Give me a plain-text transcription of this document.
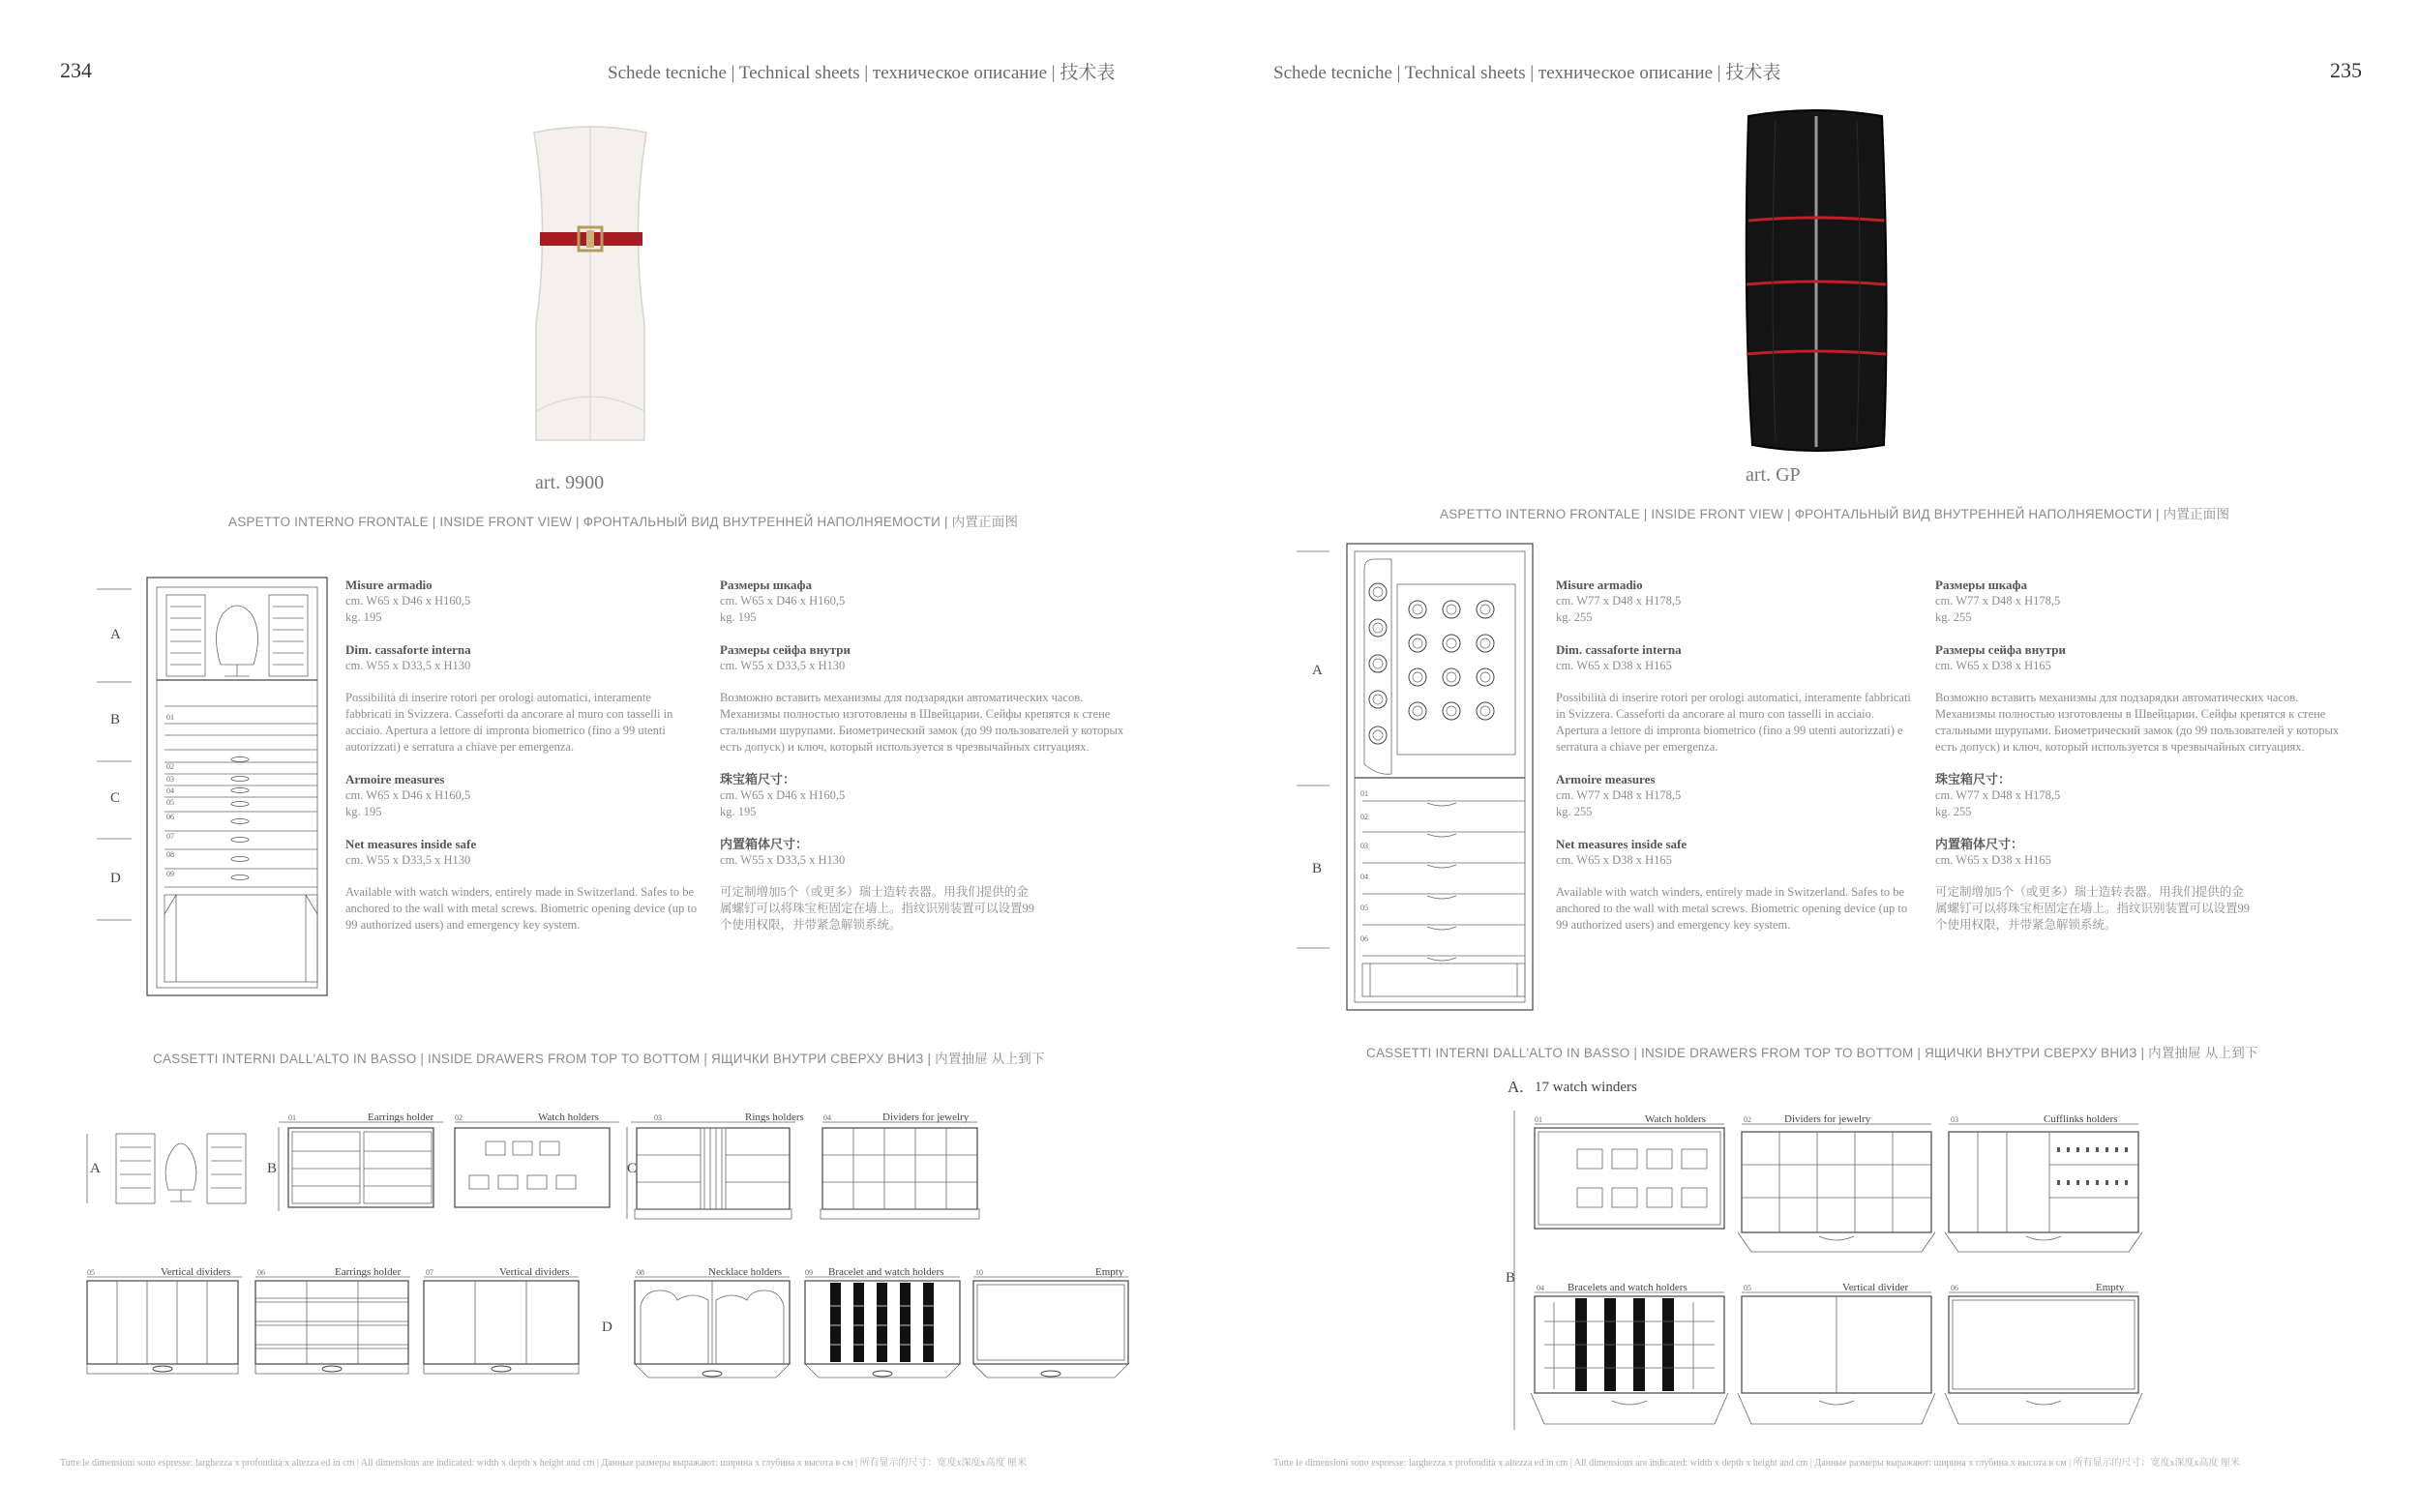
234	Schede tecniche | Technical sheets | техническое описание | 技术表
art. 9900
ASPETTO INTERNO FRONTALE | INSIDE FRONT VIEW | ФРОНТАЛЬНЫЙ ВИД ВНУТРЕННЕЙ НАПОЛНЯЕМОСТИ | 内置正面图
A
B
C
D
01
02
03
04
05
06
07
08
09
Misure armadio
cm. W65 x D46 x H160,5
kg. 195
Dim. cassaforte interna
cm. W55 x D33,5 x H130
Possibilità di inserire rotori per orologi automatici, interamente fabbricati in Svizzera. Casseforti da ancorare al muro con tasselli in acciaio. Apertura a lettore di impronta biometrico (fino a 99 utenti autorizzati) e serratura a chiave per emergenza.
Armoire measures
cm. W65 x D46 x H160,5
kg. 195
Net measures inside safe
cm. W55 x D33,5 x H130
Available with watch winders, entirely made in Switzerland. Safes to be anchored to the wall with metal screws. Biometric opening device (up to 99 authorized users) and emergency key system.
Размеры шкафа
cm. W65 x D46 x H160,5
kg. 195
Размеры сейфа внутри
cm. W55 x D33,5 x H130
Возможно вставить механизмы для подзарядки автоматических часов. Механизмы полностью изготовлены в Швейцарии. Сейфы крепятся к стене стальными шурупами. Биометрический замок (до 99 пользователей у которых есть допуск) и ключ, который используется в чрезвычайных ситуациях.
珠宝箱尺寸：
cm. W65 x D46 x H160,5
kg. 195
内置箱体尺寸：
cm. W55 x D33,5 x H130
可定制增加5个（或更多）瑞士造转表器。用我们提供的金属螺钉可以将珠宝柜固定在墙上。指纹识别装置可以设置99个使用权限，并带紧急解锁系统。
CASSETTI INTERNI DALL'ALTO IN BASSO | INSIDE DRAWERS FROM TOP TO BOTTOM | ЯЩИЧКИ ВНУТРИ СВЕРХУ ВНИЗ | 内置抽屉 从上到下
A	B
01	Earrings holder	02	Watch holders
C
03	Rings holders	04	Dividers for jewelry
05	Vertical dividers	06	Earrings holder	07	Vertical dividers
D
08	Necklace holders	09 Bracelet and watch holders	10	Empty
Tutte le dimensioni sono espresse: larghezza x profondità x altezza ed in cm | All dimensions are indicated: width x depth x height and cm | Данные размеры выражают: ширина x глубина x высота в см | 所有显示的尺寸：宽度x深度x高度 厘米
Schede tecniche | Technical sheets | техническое описание | 技术表	235
art. GP
ASPETTO INTERNO FRONTALE | INSIDE FRONT VIEW | ФРОНТАЛЬНЫЙ ВИД ВНУТРЕННЕЙ НАПОЛНЯЕМОСТИ | 内置正面图
A
B
01
02
03
04
05
06
Misure armadio
cm. W77 x D48 x H178,5
kg. 255
Dim. cassaforte interna
cm. W65 x D38 x H165
Possibilità di inserire rotori per orologi automatici, interamente fabbricati in Svizzera. Casseforti da ancorare al muro con tasselli in acciaio. Apertura a lettore di impronta biometrico (fino a 99 utenti autorizzati) e serratura a chiave per emergenza.
Armoire measures
cm. W77 x D48 x H178,5
kg. 255
Net measures inside safe
cm. W65 x D38 x H165
Available with watch winders, entirely made in Switzerland. Safes to be anchored to the wall with metal screws. Biometric opening device (up to 99 authorized users) and emergency key system.
Размеры шкафа
cm. W77 x D48 x H178,5
kg. 255
Размеры сейфа внутри
cm. W65 x D38 x H165
Возможно вставить механизмы для подзарядки автоматических часов. Механизмы полностью изготовлены в Швейцарии. Сейфы крепятся к стене стальными шурупами. Биометрический замок (до 99 пользователей у которых есть допуск) и ключ, который используется в чрезвычайных ситуациях.
珠宝箱尺寸：
cm. W77 x D48 x H178,5
kg. 255
内置箱体尺寸：
cm. W65 x D38 x H165
可定制增加5个（或更多）瑞士造转表器。用我们提供的金属螺钉可以将珠宝柜固定在墙上。指纹识别装置可以设置99个使用权限，并带紧急解锁系统。
CASSETTI INTERNI DALL'ALTO IN BASSO | INSIDE DRAWERS FROM TOP TO BOTTOM | ЯЩИЧКИ ВНУТРИ СВЕРХУ ВНИЗ | 内置抽屉 从上到下
A. 17 watch winders
B
01	Watch holders	02	Dividers for jewelry	03	Cufflinks holders
04 Bracelets and watch holders	05	Vertical divider	06	Empty
Tutte le dimensioni sono espresse: larghezza x profondità x altezza ed in cm | All dimensions are indicated: width x depth x height and cm | Данные размеры выражают: ширина x глубина x высота в см | 所有显示的尺寸：宽度x深度x高度 厘米
